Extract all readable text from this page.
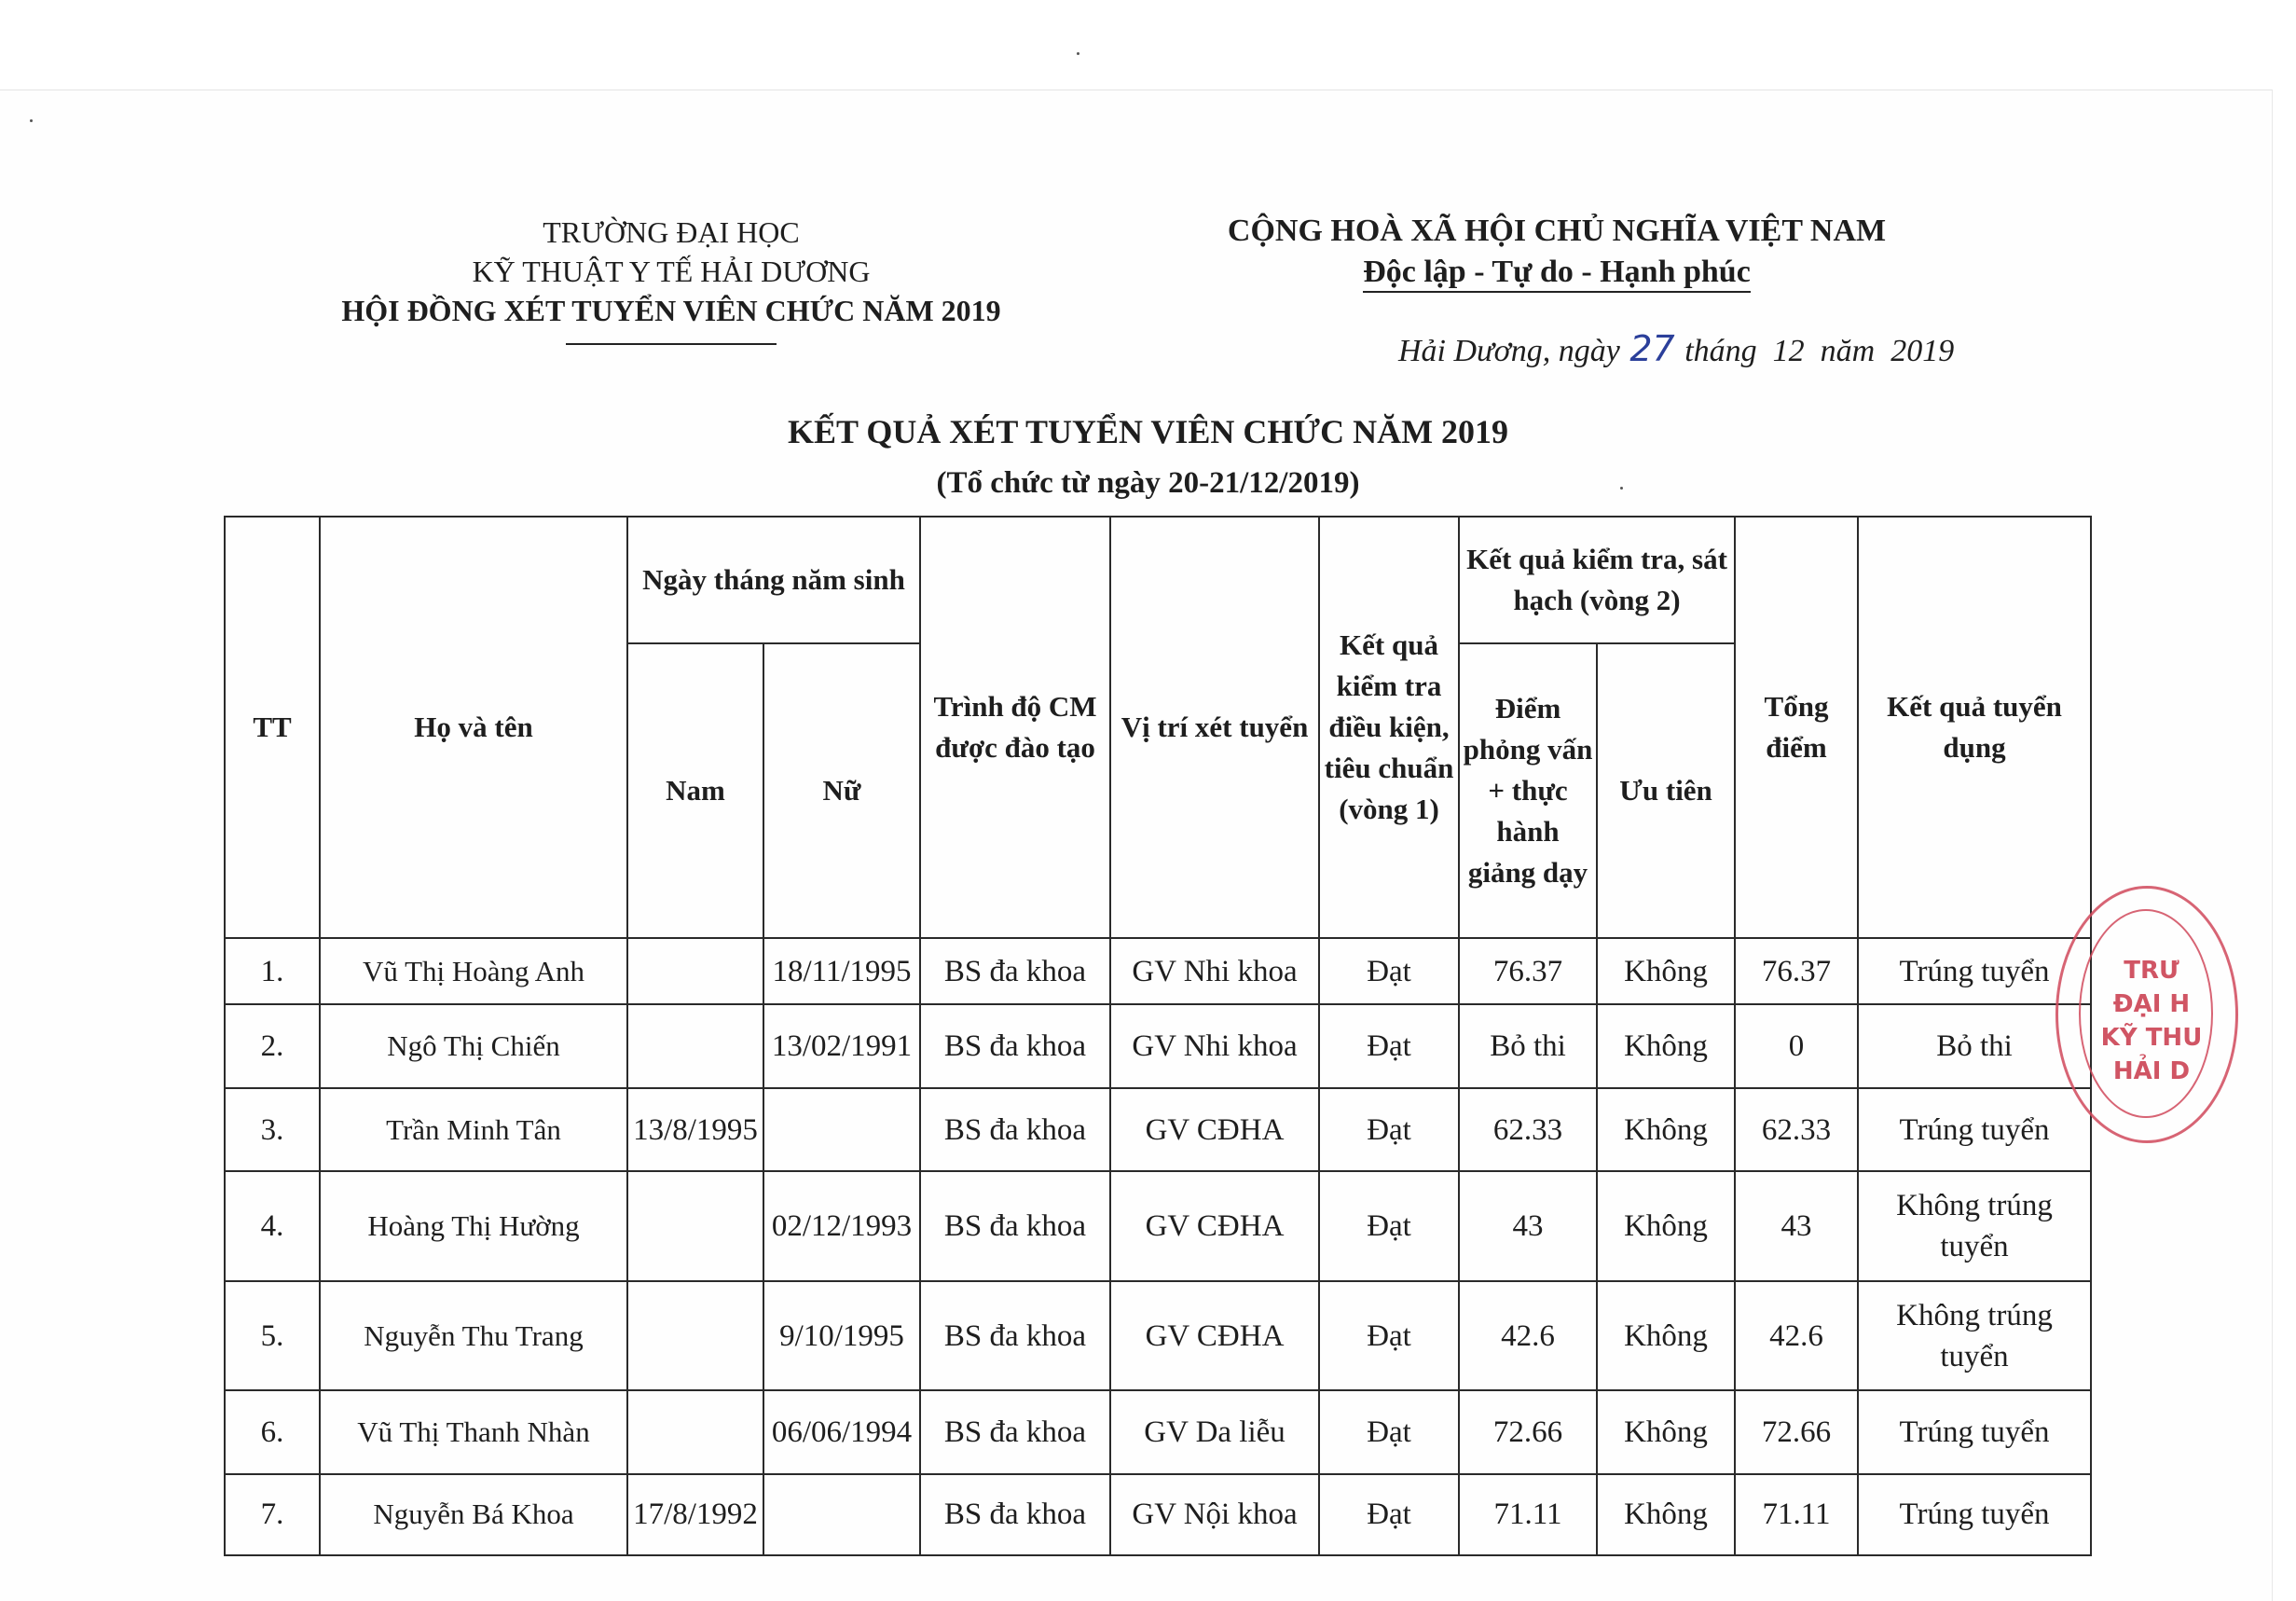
TRƯỜNG ĐẠI HỌC
KỸ THUẬT Y TẾ HẢI DƯƠNG
HỘI ĐỒNG XÉT TUYỂN VIÊN CHỨC NĂM 2019
CỘNG HOÀ XÃ HỘI CHỦ NGHĨA VIỆT NAM
Độc lập - Tự do - Hạnh phúc
Hải Dương, ngày 27 tháng 12 năm 2019
KẾT QUẢ XÉT TUYỂN VIÊN CHỨC NĂM 2019
(Tổ chức từ ngày 20-21/12/2019)
TT	Họ và tên	Ngày tháng năm sinh		Trình độ CM được đào tạo	Vị trí xét tuyển	Kết quả kiểm tra điều kiện, tiêu chuẩn (vòng 1)	Kết quả kiểm tra, sát hạch (vòng 2)		Tổng điểm	Kết quả tuyển dụng
		Nam	Nữ				Điểm phỏng vấn + thực hành giảng dạy	Ưu tiên		
1.	Vũ Thị Hoàng Anh		18/11/1995	BS đa khoa	GV Nhi khoa	Đạt	76.37	Không	76.37	Trúng tuyển
2.	Ngô Thị Chiến		13/02/1991	BS đa khoa	GV Nhi khoa	Đạt	Bỏ thi	Không	0	Bỏ thi
3.	Trần Minh Tân	13/8/1995		BS đa khoa	GV CĐHA	Đạt	62.33	Không	62.33	Trúng tuyển
4.	Hoàng Thị Hường		02/12/1993	BS đa khoa	GV CĐHA	Đạt	43	Không	43	Không trúng tuyển
5.	Nguyễn Thu Trang		9/10/1995	BS đa khoa	GV CĐHA	Đạt	42.6	Không	42.6	Không trúng tuyển
6.	Vũ Thị Thanh Nhàn		06/06/1994	BS đa khoa	GV Da liễu	Đạt	72.66	Không	72.66	Trúng tuyển
7.	Nguyễn Bá Khoa	17/8/1992		BS đa khoa	GV Nội khoa	Đạt	71.11	Không	71.11	Trúng tuyển
TRƯ
ĐẠI H
KỸ THU
HẢI D
